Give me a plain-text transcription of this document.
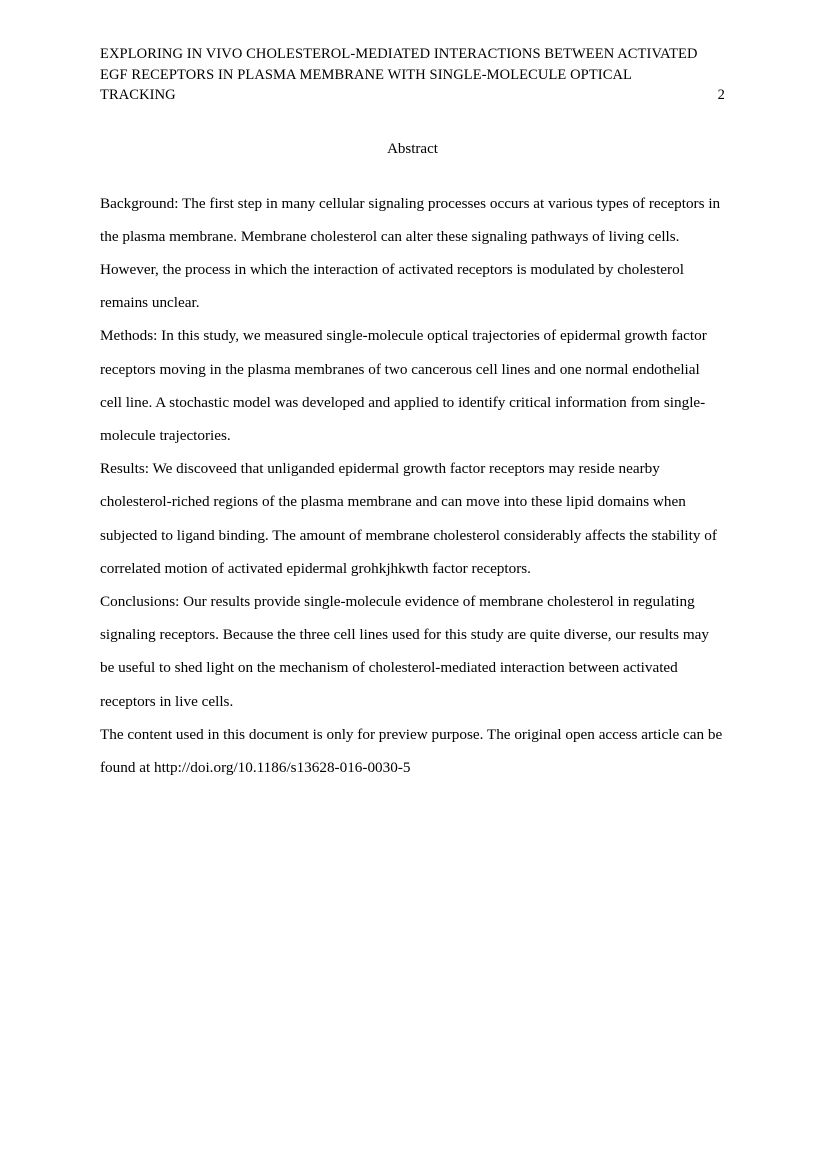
EXPLORING IN VIVO CHOLESTEROL-MEDIATED INTERACTIONS BETWEEN ACTIVATED EGF RECEPTORS IN PLASMA MEMBRANE WITH SINGLE-MOLECULE OPTICAL TRACKING	2
Abstract

Background: The first step in many cellular signaling processes occurs at various types of receptors in the plasma membrane. Membrane cholesterol can alter these signaling pathways of living cells. However, the process in which the interaction of activated receptors is modulated by cholesterol remains unclear.

Methods: In this study, we measured single-molecule optical trajectories of epidermal growth factor receptors moving in the plasma membranes of two cancerous cell lines and one normal endothelial cell line. A stochastic model was developed and applied to identify critical information from single-molecule trajectories.

Results: We discoveed that unliganded epidermal growth factor receptors may reside nearby cholesterol-riched regions of the plasma membrane and can move into these lipid domains when subjected to ligand binding. The amount of membrane cholesterol considerably affects the stability of correlated motion of activated epidermal grohkjhkwth factor receptors.

Conclusions: Our results provide single-molecule evidence of membrane cholesterol in regulating signaling receptors. Because the three cell lines used for this study are quite diverse, our results may be useful to shed light on the mechanism of cholesterol-mediated interaction between activated receptors in live cells.

The content used in this document is only for preview purpose. The original open access article can be found at http://doi.org/10.1186/s13628-016-0030-5
